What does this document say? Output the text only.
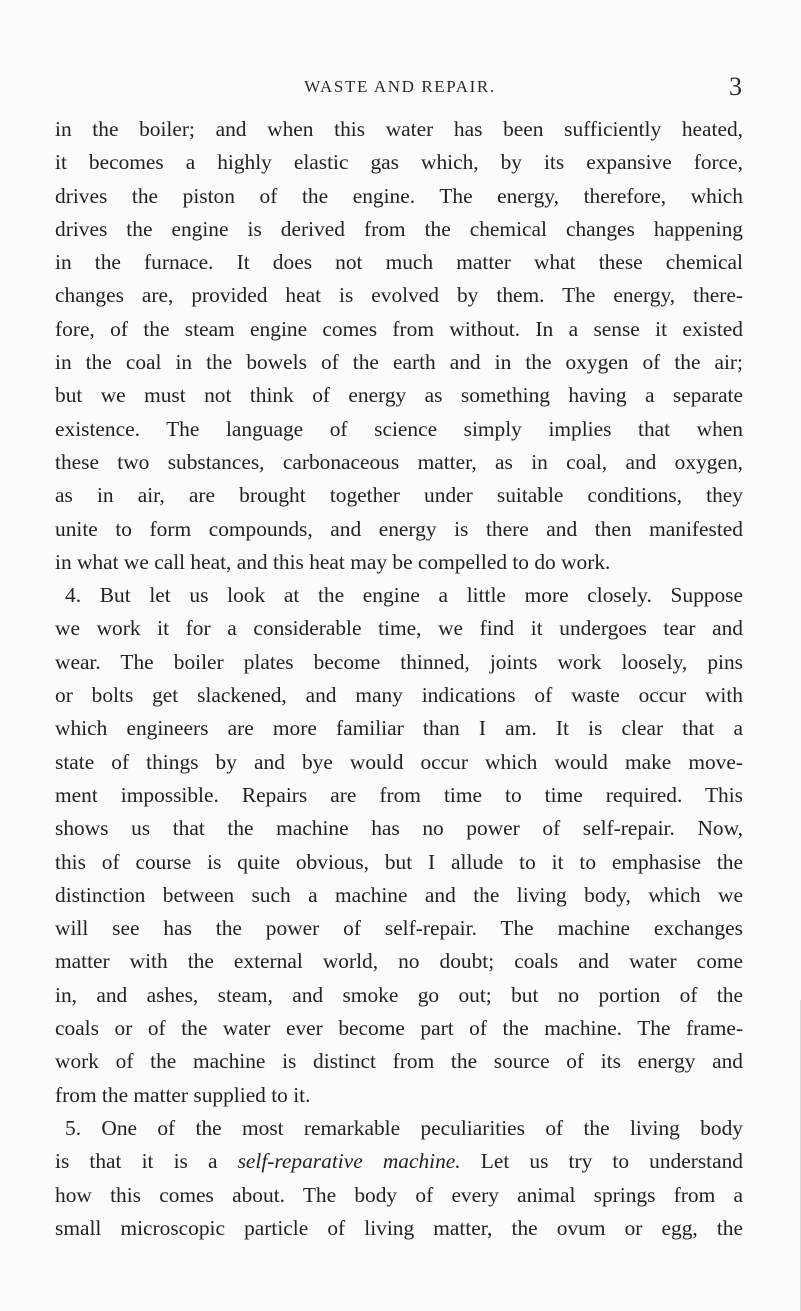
WASTE AND REPAIR.	3
in the boiler; and when this water has been sufficiently heated,
it becomes a highly elastic gas which, by its expansive force,
drives the piston of the engine. The energy, therefore, which
drives the engine is derived from the chemical changes happening
in the furnace. It does not much matter what these chemical
changes are, provided heat is evolved by them. The energy, there-
fore, of the steam engine comes from without. In a sense it existed
in the coal in the bowels of the earth and in the oxygen of the air;
but we must not think of energy as something having a separate
existence. The language of science simply implies that when
these two substances, carbonaceous matter, as in coal, and oxygen,
as in air, are brought together under suitable conditions, they
unite to form compounds, and energy is there and then manifested
in what we call heat, and this heat may be compelled to do work.
4. But let us look at the engine a little more closely. Suppose
we work it for a considerable time, we find it undergoes tear and
wear. The boiler plates become thinned, joints work loosely, pins
or bolts get slackened, and many indications of waste occur with
which engineers are more familiar than I am. It is clear that a
state of things by and bye would occur which would make move-
ment impossible. Repairs are from time to time required. This
shows us that the machine has no power of self-repair. Now,
this of course is quite obvious, but I allude to it to emphasise the
distinction between such a machine and the living body, which we
will see has the power of self-repair. The machine exchanges
matter with the external world, no doubt; coals and water come
in, and ashes, steam, and smoke go out; but no portion of the
coals or of the water ever become part of the machine. The frame-
work of the machine is distinct from the source of its energy and
from the matter supplied to it.
5. One of the most remarkable peculiarities of the living body
is that it is a self-reparative machine. Let us try to understand
how this comes about. The body of every animal springs from a
small microscopic particle of living matter, the ovum or egg, the
